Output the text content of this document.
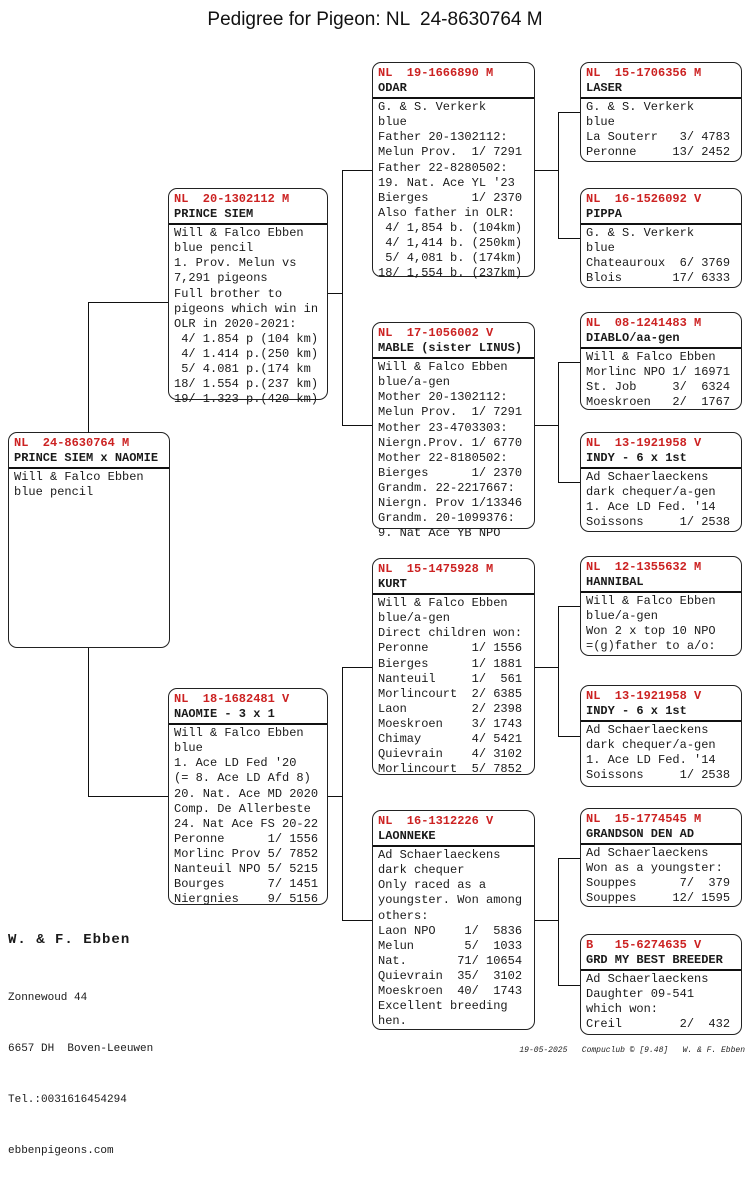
Pedigree for Pigeon: NL  24-8630764 M
NL  24-8630764 M
PRINCE SIEM x NAOMIE
Will & Falco Ebben
blue pencil
NL  20-1302112 M
PRINCE SIEM
Will & Falco Ebben
blue pencil
1. Prov. Melun vs
7,291 pigeons
Full brother to
pigeons which win in
OLR in 2020-2021:
4/ 1.854 p (104 km)
4/ 1.414 p.(250 km)
5/ 4.081 p.(174 km
18/ 1.554 p.(237 km)
19/ 1.323 p.(420 km)
NL  18-1682481 V
NAOMIE - 3 x 1
Will & Falco Ebben
blue
1. Ace LD Fed '20
(= 8. Ace LD Afd 8)
20. Nat. Ace MD 2020
Comp. De Allerbeste
24. Nat Ace FS 20-22
Peronne      1/ 1556
Morlinc Prov 5/ 7852
Nanteuil NPO 5/ 5215
Bourges      7/ 1451
Niergnies    9/ 5156
NL  19-1666890 M
ODAR
G. & S. Verkerk
blue
Father 20-1302112:
Melun Prov.  1/ 7291
Father 22-8280502:
19. Nat. Ace YL '23
Bierges      1/ 2370
Also father in OLR:
4/ 1,854 b. (104km)
4/ 1,414 b. (250km)
5/ 4,081 b. (174km)
18/ 1,554 b. (237km)
NL  17-1056002 V
MABLE (sister LINUS)
Will & Falco Ebben
blue/a-gen
Mother 20-1302112:
Melun Prov.  1/ 7291
Mother 23-4703303:
Niergn.Prov. 1/ 6770
Mother 22-8180502:
Bierges      1/ 2370
Grandm. 22-2217667:
Niergn. Prov 1/13346
Grandm. 20-1099376:
9. Nat Ace YB NPO
NL  15-1475928 M
KURT
Will & Falco Ebben
blue/a-gen
Direct children won:
Peronne      1/ 1556
Bierges      1/ 1881
Nanteuil     1/  561
Morlincourt  2/ 6385
Laon         2/ 2398
Moeskroen    3/ 1743
Chimay       4/ 5421
Quievrain    4/ 3102
Morlincourt  5/ 7852
NL  16-1312226 V
LAONNEKE
Ad Schaerlaeckens
dark chequer
Only raced as a
youngster. Won among
others:
Laon NPO    1/  5836
Melun       5/  1033
Nat.       71/ 10654
Quievrain  35/  3102
Moeskroen  40/  1743
Excellent breeding
hen.
NL  15-1706356 M
LASER
G. & S. Verkerk
blue
La Souterr   3/ 4783
Peronne     13/ 2452
NL  16-1526092 V
PIPPA
G. & S. Verkerk
blue
Chateauroux  6/ 3769
Blois       17/ 6333
NL  08-1241483 M
DIABLO/aa-gen
Will & Falco Ebben
Morlinc NPO 1/ 16971
St. Job     3/  6324
Moeskroen   2/  1767
NL  13-1921958 V
INDY - 6 x 1st
Ad Schaerlaeckens
dark chequer/a-gen
1. Ace LD Fed. '14
Soissons     1/ 2538
NL  12-1355632 M
HANNIBAL
Will & Falco Ebben
blue/a-gen
Won 2 x top 10 NPO
=(g)father to a/o:
NL  13-1921958 V
INDY - 6 x 1st
Ad Schaerlaeckens
dark chequer/a-gen
1. Ace LD Fed. '14
Soissons     1/ 2538
NL  15-1774545 M
GRANDSON DEN AD
Ad Schaerlaeckens
Won as a youngster:
Souppes      7/  379
Souppes     12/ 1595
B   15-6274635 V
GRD MY BEST BREEDER
Ad Schaerlaeckens
Daughter 09-541
which won:
Creil        2/  432
W. & F. Ebben

Zonnewoud 44

6657 DH  Boven-Leeuwen

Tel.:0031616454294

ebbenpigeons.com

19-05-2025   Compuclub © [9.48]   W. & F. Ebben
